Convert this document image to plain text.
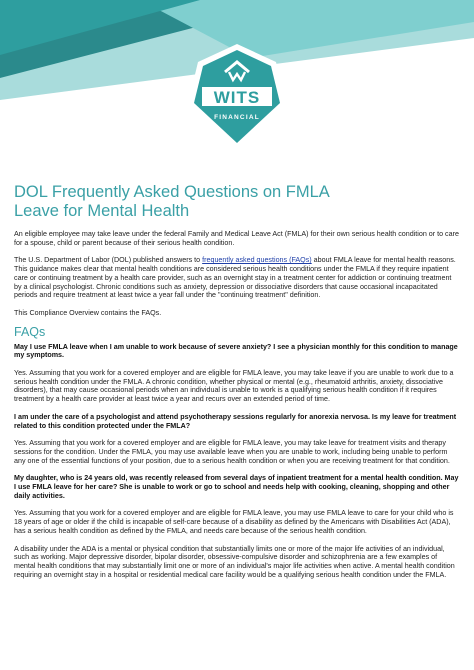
WITS
FINANCIAL
DOL Frequently Asked Questions on FMLA
Leave for Mental Health

An eligible employee may take leave under the federal Family and Medical Leave Act (FMLA) for their own serious health condition or to care for a spouse, child or parent because of their serious health condition.

The U.S. Department of Labor (DOL) published answers to frequently asked questions (FAQs) about FMLA leave for mental health reasons. This guidance makes clear that mental health conditions are considered serious health conditions under the FMLA if they require inpatient care or continuing treatment by a health care provider, such as an overnight stay in a treatment center for addiction or continuing treatment by a clinical psychologist. Chronic conditions such as anxiety, depression or dissociative disorders that cause occasional incapacitated periods and require treatment at least twice a year fall under the "continuing treatment" definition.

This Compliance Overview contains the FAQs.

FAQs

May I use FMLA leave when I am unable to work because of severe anxiety? I see a physician monthly for this condition to manage my symptoms.

Yes. Assuming that you work for a covered employer and are eligible for FMLA leave, you may take leave if you are unable to work due to a serious health condition under the FMLA. A chronic condition, whether physical or mental (e.g., rheumatoid arthritis, anxiety, dissociative disorders), that may cause occasional periods when an individual is unable to work is a qualifying serious health condition if it requires treatment by a health care provider at least twice a year and recurs over an extended period of time.

I am under the care of a psychologist and attend psychotherapy sessions regularly for anorexia nervosa. Is my leave for treatment related to this condition protected under the FMLA?

Yes. Assuming that you work for a covered employer and are eligible for FMLA leave, you may take leave for treatment visits and therapy sessions for the condition. Under the FMLA, you may use available leave when you are unable to work, including being unable to perform any one of the essential functions of your position, due to a serious health condition or when you are receiving treatment for that condition.

My daughter, who is 24 years old, was recently released from several days of inpatient treatment for a mental health condition. May I use FMLA leave for her care? She is unable to work or go to school and needs help with cooking, cleaning, shopping and other daily activities.

Yes. Assuming that you work for a covered employer and are eligible for FMLA leave, you may use FMLA leave to care for your child who is 18 years of age or older if the child is incapable of self-care because of a disability as defined by the Americans with Disabilities Act (ADA), has a serious health condition as defined by the FMLA, and needs care because of the serious health condition.

A disability under the ADA is a mental or physical condition that substantially limits one or more of the major life activities of an individual, such as working. Major depressive disorder, bipolar disorder, obsessive-compulsive disorder and schizophrenia are a few examples of mental health conditions that may substantially limit one or more of an individual's major life activities when active. A mental health condition requiring an overnight stay in a hospital or residential medical care facility would be a qualifying serious health condition under the FMLA.
